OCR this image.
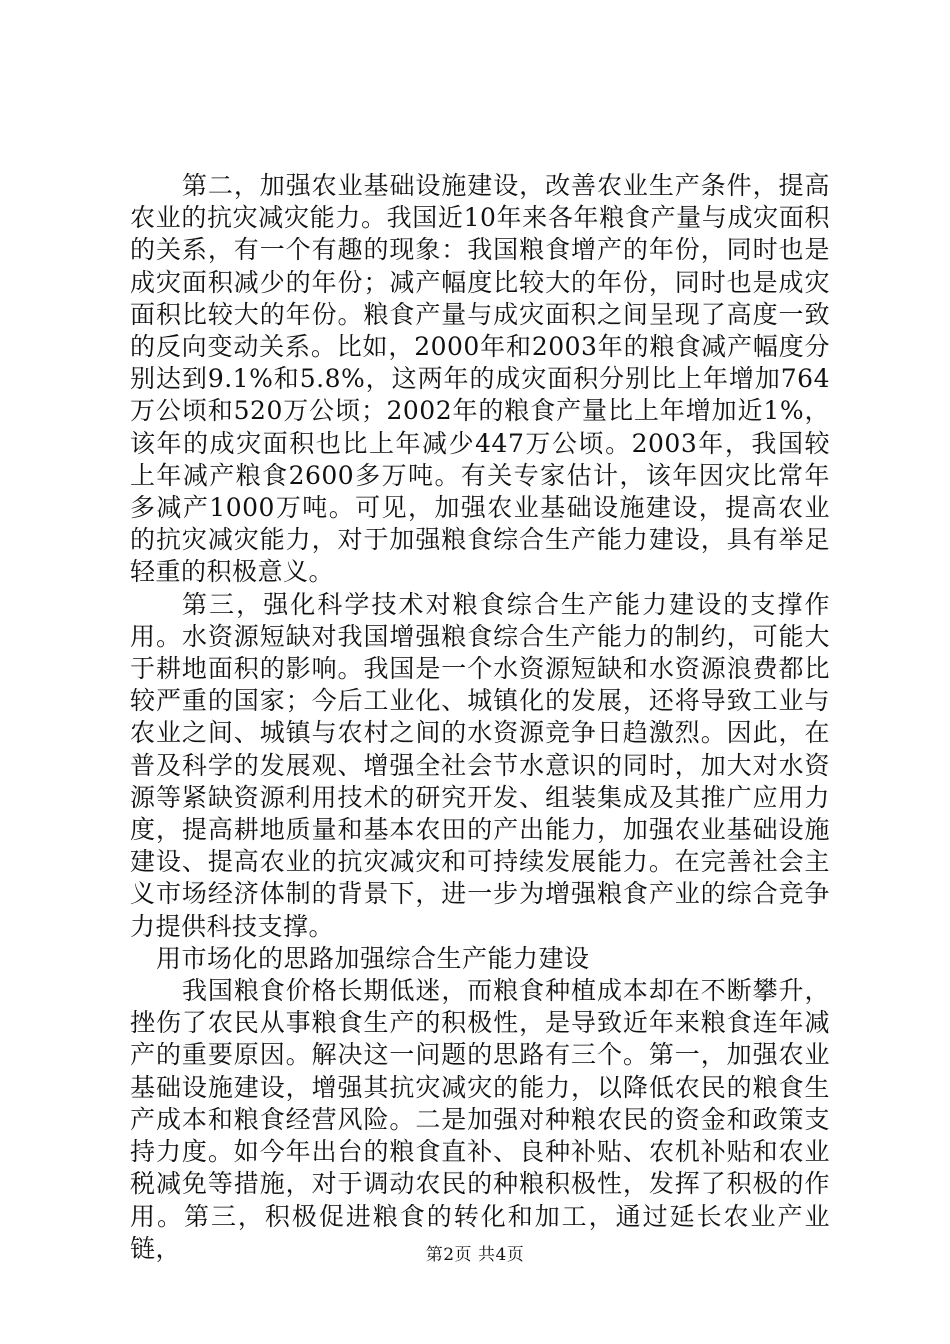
第二，加强农业基础设施建设，改善农业生产条件，提高农业的抗灾减灾能力。我国近10年来各年粮食产量与成灾面积的关系，有一个有趣的现象：我国粮食增产的年份，同时也是成灾面积减少的年份；减产幅度比较大的年份，同时也是成灾面积比较大的年份。粮食产量与成灾面积之间呈现了高度一致的反向变动关系。比如，2000年和2003年的粮食减产幅度分别达到9.1%和5.8%，这两年的成灾面积分别比上年增加764万公顷和520万公顷；2002年的粮食产量比上年增加近1%，该年的成灾面积也比上年减少447万公顷。2003年，我国较上年减产粮食2600多万吨。有关专家估计，该年因灾比常年多减产1000万吨。可见，加强农业基础设施建设，提高农业的抗灾减灾能力，对于加强粮食综合生产能力建设，具有举足轻重的积极意义。

第三，强化科学技术对粮食综合生产能力建设的支撑作用。水资源短缺对我国增强粮食综合生产能力的制约，可能大于耕地面积的影响。我国是一个水资源短缺和水资源浪费都比较严重的国家；今后工业化、城镇化的发展，还将导致工业与农业之间、城镇与农村之间的水资源竞争日趋激烈。因此，在普及科学的发展观、增强全社会节水意识的同时，加大对水资源等紧缺资源利用技术的研究开发、组装集成及其推广应用力度，提高耕地质量和基本农田的产出能力，加强农业基础设施建设、提高农业的抗灾减灾和可持续发展能力。在完善社会主义市场经济体制的背景下，进一步为增强粮食产业的综合竞争力提供科技支撑。

用市场化的思路加强综合生产能力建设

我国粮食价格长期低迷，而粮食种植成本却在不断攀升，挫伤了农民从事粮食生产的积极性，是导致近年来粮食连年减产的重要原因。解决这一问题的思路有三个。第一，加强农业基础设施建设，增强其抗灾减灾的能力，以降低农民的粮食生产成本和粮食经营风险。二是加强对种粮农民的资金和政策支持力度。如今年出台的粮食直补、良种补贴、农机补贴和农业税减免等措施，对于调动农民的种粮积极性，发挥了积极的作用。第三，积极促进粮食的转化和加工，通过延长农业产业链，	第2页 共4页
